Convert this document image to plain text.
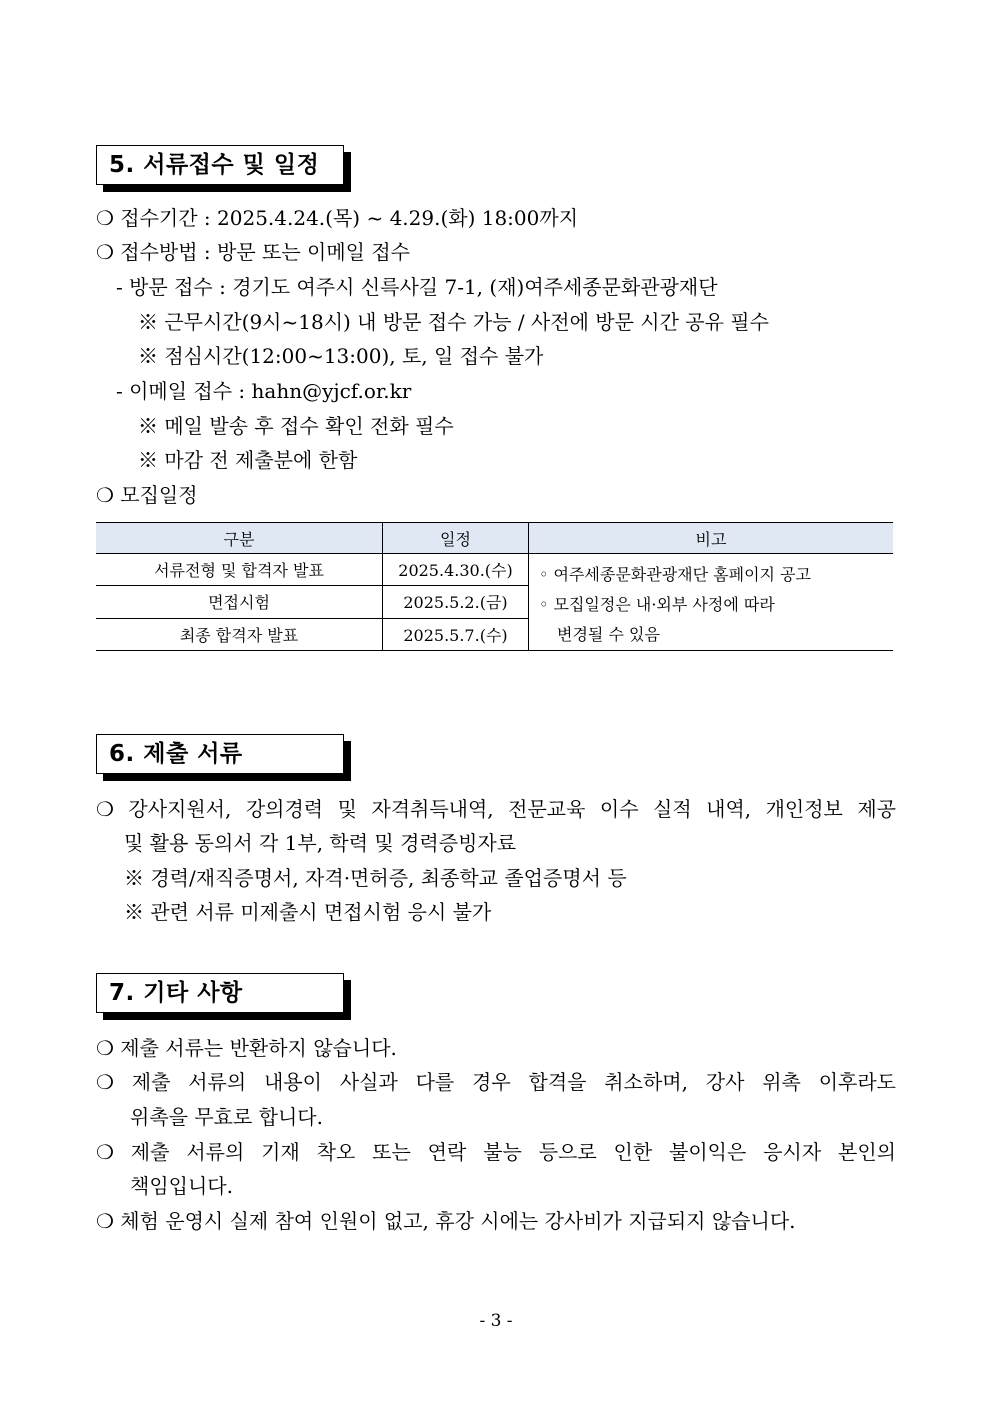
5. 서류접수 및 일정
❍ 접수기간 : 2025.4.24.(목) ~ 4.29.(화) 18:00까지
❍ 접수방법 : 방문 또는 이메일 접수
- 방문 접수 : 경기도 여주시 신륵사길 7-1, (재)여주세종문화관광재단
※ 근무시간(9시~18시) 내 방문 접수 가능 / 사전에 방문 시간 공유 필수
※ 점심시간(12:00~13:00), 토, 일 접수 불가
- 이메일 접수 : hahn@yjcf.or.kr
※ 메일 발송 후 접수 확인 전화 필수
※ 마감 전 제출분에 한함
❍ 모집일정
구분	일정	비고
서류전형 및 합격자 발표	2025.4.30.(수)	◦ 여주세종문화관광재단 홈페이지 공고
◦ 모집일정은 내·외부 사정에 따라
변경될 수 있음

면접시험	2025.5.2.(금)	
최종 합격자 발표	2025.5.7.(수)	
6. 제출 서류
❍ 강사지원서, 강의경력 및 자격취득내역, 전문교육 이수 실적 내역, 개인정보 제공
및 활용 동의서 각 1부, 학력 및 경력증빙자료
※ 경력/재직증명서, 자격·면허증, 최종학교 졸업증명서 등
※ 관련 서류 미제출시 면접시험 응시 불가
7. 기타 사항
❍ 제출 서류는 반환하지 않습니다.
❍ 제출 서류의 내용이 사실과 다를 경우 합격을 취소하며, 강사 위촉 이후라도
위촉을 무효로 합니다.
❍ 제출 서류의 기재 착오 또는 연락 불능 등으로 인한 불이익은 응시자 본인의
책임입니다.
❍ 체험 운영시 실제 참여 인원이 없고, 휴강 시에는 강사비가 지급되지 않습니다.
- 3 -
